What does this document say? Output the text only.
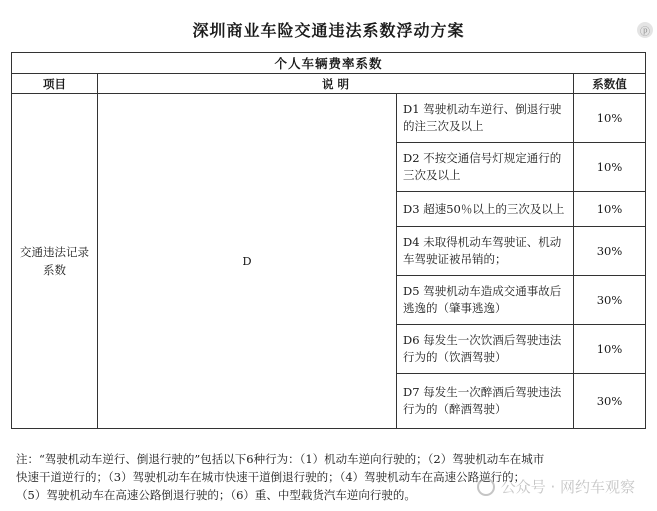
深圳商业车险交通违法系数浮动方案	ⓟ
个人车辆费率系数			
项目	说 明		系数值

交通违法记录
系数	D	D1 驾驶机动车逆行、倒退行驶的注三次及以上	10%
		D2 不按交通信号灯规定通行的三次及以上	10%
		D3 超速50％以上的三次及以上	10%
		D4 未取得机动车驾驶证、机动车驾驶证被吊销的；	30%
		D5 驾驶机动车造成交通事故后逃逸的（肇事逃逸）	30%
		D6 每发生一次饮酒后驾驶违法行为的（饮酒驾驶）	10%
		D7 每发生一次醉酒后驾驶违法行为的（醉酒驾驶）	30%

注：“驾驶机动车逆行、倒退行驶的”包括以下6种行为：（1）机动车逆向行驶的；（2）驾驶机动车在城市

快速干道逆行的；（3）驾驶机动车在城市快速干道倒退行驶的；（4）驾驶机动车在高速公路逆行的；

（5）驾驶机动车在高速公路倒退行驶的；（6）重、中型载货汽车逆向行驶的。	公众号 · 网约车观察
